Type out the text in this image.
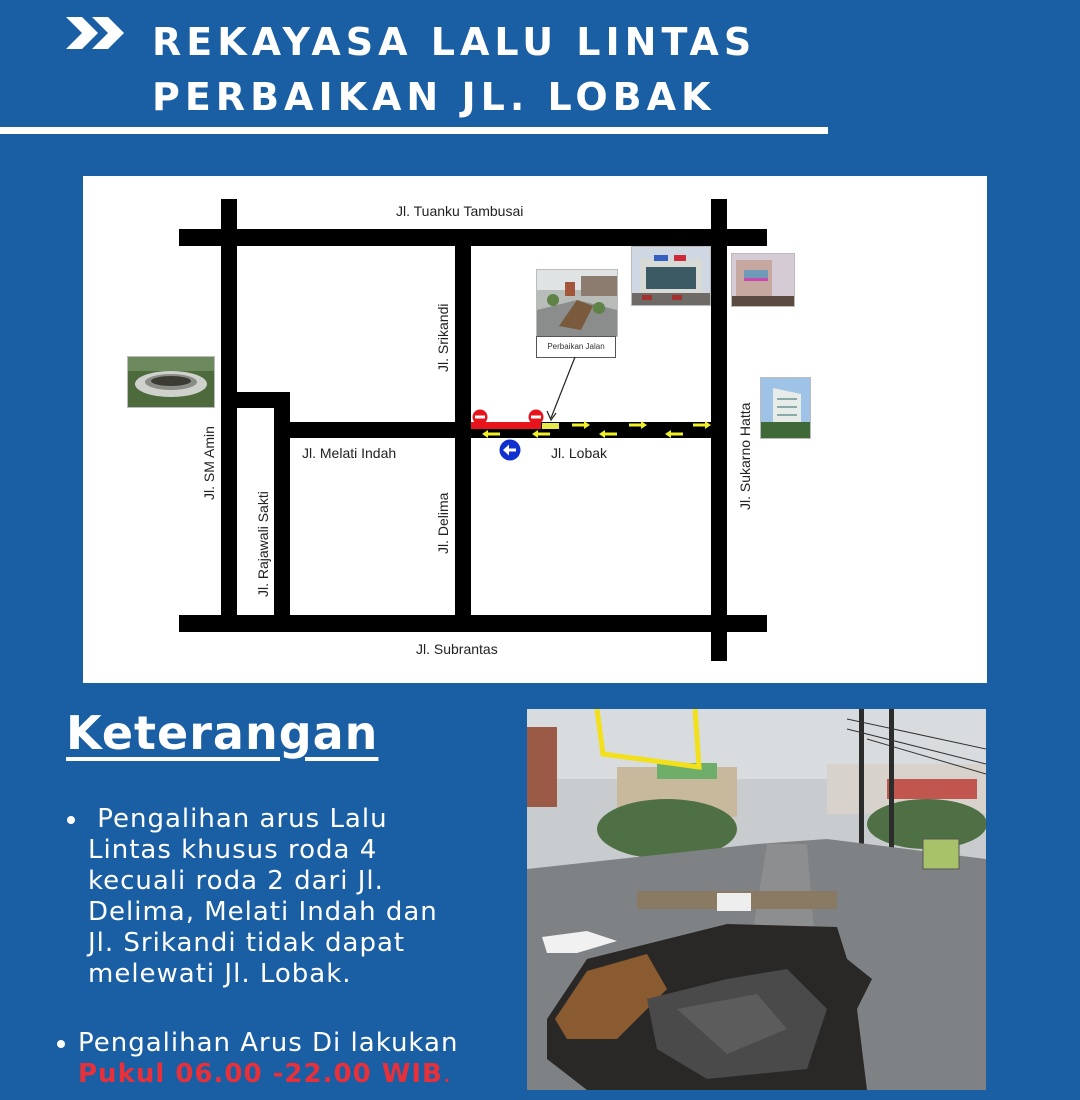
REKAYASA LALU LINTAS
PERBAIKAN JL. LOBAK
Jl. Tuanku Tambusai
Jl. Subrantas
Jl. Melati Indah	Jl. Lobak
Jl. Srikandi
Jl. SM Amin
Jl. Rajawali Sakti	Jl. Delima
Jl. Sukarno Hatta
Perbaikan Jalan
Keterangan
Pengalihan arus Lalu
Lintas khusus roda 4
kecuali roda 2 dari Jl.
Delima, Melati Indah dan
Jl. Srikandi tidak dapat
melewati Jl. Lobak.
Pengalihan Arus Di lakukan
Pukul 06.00 -22.00 WIB.
